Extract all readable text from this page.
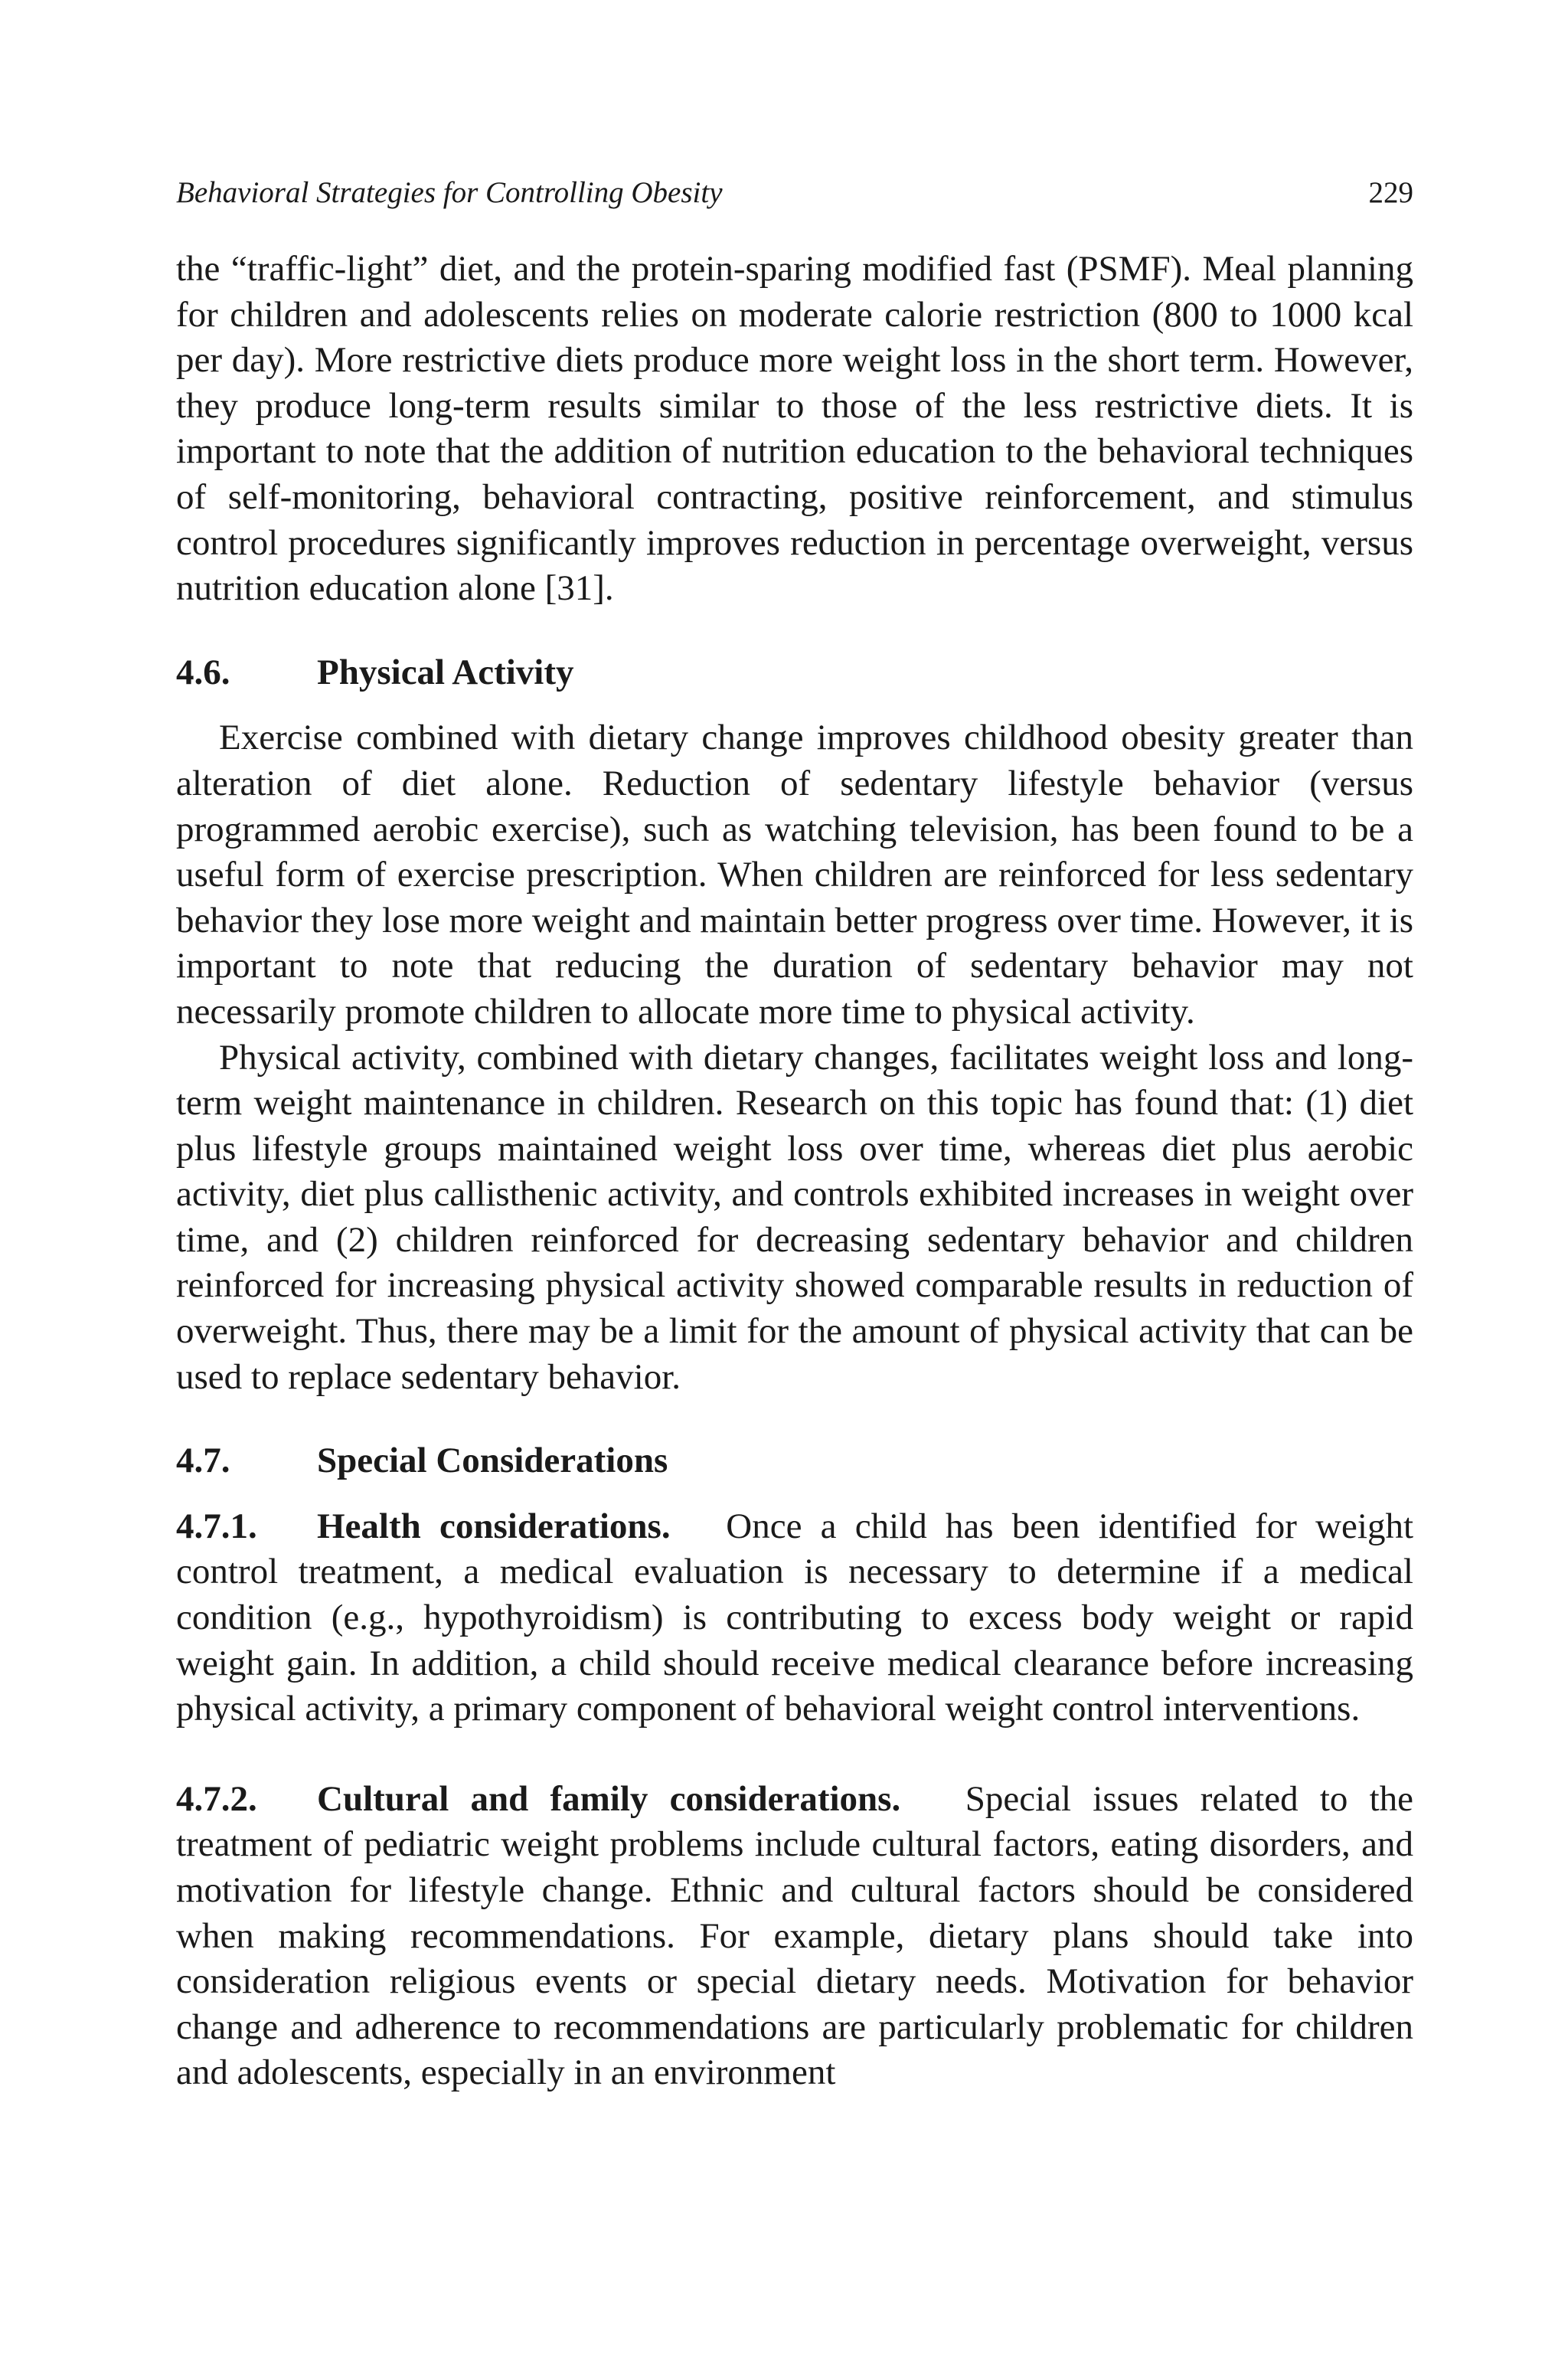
Behavioral Strategies for Controlling Obesity	229

the “traffic-light” diet, and the protein-sparing modified fast (PSMF). Meal planning for children and adolescents relies on moderate calorie restriction (800 to 1000 kcal per day). More restrictive diets produce more weight loss in the short term. However, they produce long-term results similar to those of the less restrictive diets. It is important to note that the addition of nutrition education to the behavioral techniques of self-monitoring, behavioral contracting, positive reinforcement, and stimulus control procedures significantly improves reduction in percentage overweight, versus nutrition education alone [31].

4.6. Physical Activity

Exercise combined with dietary change improves childhood obesity greater than alteration of diet alone. Reduction of sedentary lifestyle behavior (versus programmed aerobic exercise), such as watching television, has been found to be a useful form of exercise prescription. When children are reinforced for less sedentary behavior they lose more weight and maintain better progress over time. However, it is important to note that reducing the duration of sedentary behavior may not necessarily promote children to allocate more time to physical activity.

Physical activity, combined with dietary changes, facilitates weight loss and long-term weight maintenance in children. Research on this topic has found that: (1) diet plus lifestyle groups maintained weight loss over time, whereas diet plus aerobic activity, diet plus callisthenic activity, and controls exhibited increases in weight over time, and (2) children reinforced for decreasing sedentary behavior and children reinforced for increasing physical activity showed comparable results in reduction of overweight. Thus, there may be a limit for the amount of physical activity that can be used to replace sedentary behavior.

4.7. Special Considerations

4.7.1. Health considerations. Once a child has been identified for weight control treatment, a medical evaluation is necessary to determine if a medical condition (e.g., hypothyroidism) is contributing to excess body weight or rapid weight gain. In addition, a child should receive medical clearance before increasing physical activity, a primary component of behavioral weight control interventions.

4.7.2. Cultural and family considerations. Special issues related to the treatment of pediatric weight problems include cultural factors, eating disorders, and motivation for lifestyle change. Ethnic and cultural factors should be considered when making recommendations. For example, dietary plans should take into consideration religious events or special dietary needs. Motivation for behavior change and adherence to recommendations are particularly problematic for children and adolescents, especially in an environment
